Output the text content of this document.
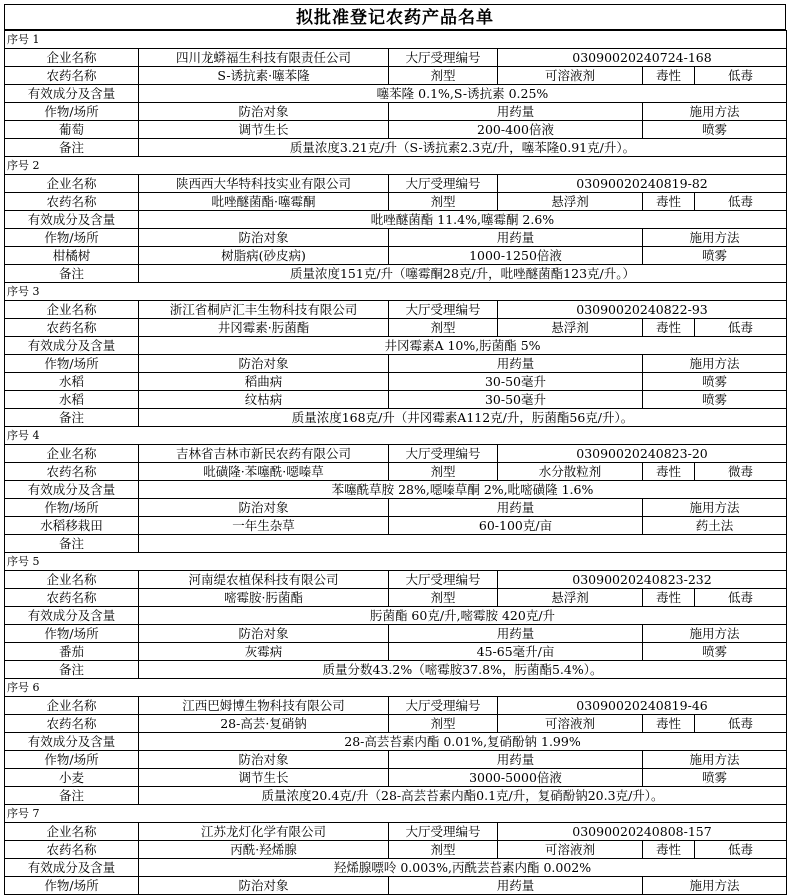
拟批准登记农药产品名单
序号 1					
企业名称	四川龙蟒福生科技有限责任公司	大厅受理编号	03090020240724-168		
农药名称	S-诱抗素·噻苯隆	剂型	可溶液剂	毒性	低毒
有效成分及含量	噻苯隆 0.1%,S-诱抗素 0.25%				
作物/场所	防治对象	用药量		施用方法	
葡萄	调节生长	200-400倍液		喷雾	
备注	质量浓度3.21克/升（S-诱抗素2.3克/升，噻苯隆0.91克/升）。				
序号 2					
企业名称	陕西西大华特科技实业有限公司	大厅受理编号	03090020240819-82		
农药名称	吡唑醚菌酯·噻霉酮	剂型	悬浮剂	毒性	低毒
有效成分及含量	吡唑醚菌酯 11.4%,噻霉酮 2.6%				
作物/场所	防治对象	用药量		施用方法	
柑橘树	树脂病(砂皮病)	1000-1250倍液		喷雾	
备注	质量浓度151克/升（噻霉酮28克/升，吡唑醚菌酯123克/升。）				
序号 3					
企业名称	浙江省桐庐汇丰生物科技有限公司	大厅受理编号	03090020240822-93		
农药名称	井冈霉素·肟菌酯	剂型	悬浮剂	毒性	低毒
有效成分及含量	井冈霉素A 10%,肟菌酯 5%				
作物/场所	防治对象	用药量		施用方法	
水稻	稻曲病	30-50毫升		喷雾	
水稻	纹枯病	30-50毫升		喷雾	
备注	质量浓度168克/升（井冈霉素A112克/升，肟菌酯56克/升）。				
序号 4					
企业名称	吉林省吉林市新民农药有限公司	大厅受理编号	03090020240823-20		
农药名称	吡磺隆·苯噻酰·噁嗪草	剂型	水分散粒剂	毒性	微毒
有效成分及含量	苯噻酰草胺 28%,噁嗪草酮 2%,吡嘧磺隆 1.6%				
作物/场所	防治对象	用药量		施用方法	
水稻移栽田	一年生杂草	60-100克/亩		药土法	
备注					
序号 5					
企业名称	河南缇农植保科技有限公司	大厅受理编号	03090020240823-232		
农药名称	嘧霉胺·肟菌酯	剂型	悬浮剂	毒性	低毒
有效成分及含量	肟菌酯 60克/升,嘧霉胺 420克/升				
作物/场所	防治对象	用药量		施用方法	
番茄	灰霉病	45-65毫升/亩		喷雾	
备注	质量分数43.2%（嘧霉胺37.8%，肟菌酯5.4%）。				
序号 6					
企业名称	江西巴姆博生物科技有限公司	大厅受理编号	03090020240819-46		
农药名称	28-高芸·复硝钠	剂型	可溶液剂	毒性	低毒
有效成分及含量	28-高芸苔素内酯 0.01%,复硝酚钠 1.99%				
作物/场所	防治对象	用药量		施用方法	
小麦	调节生长	3000-5000倍液		喷雾	
备注	质量浓度20.4克/升（28-高芸苔素内酯0.1克/升，复硝酚钠20.3克/升）。				
序号 7					
企业名称	江苏龙灯化学有限公司	大厅受理编号	03090020240808-157		
农药名称	丙酰·羟烯腺	剂型	可溶液剂	毒性	低毒
有效成分及含量	羟烯腺嘌呤 0.003%,丙酰芸苔素内酯 0.002%				
作物/场所	防治对象	用药量		施用方法	
